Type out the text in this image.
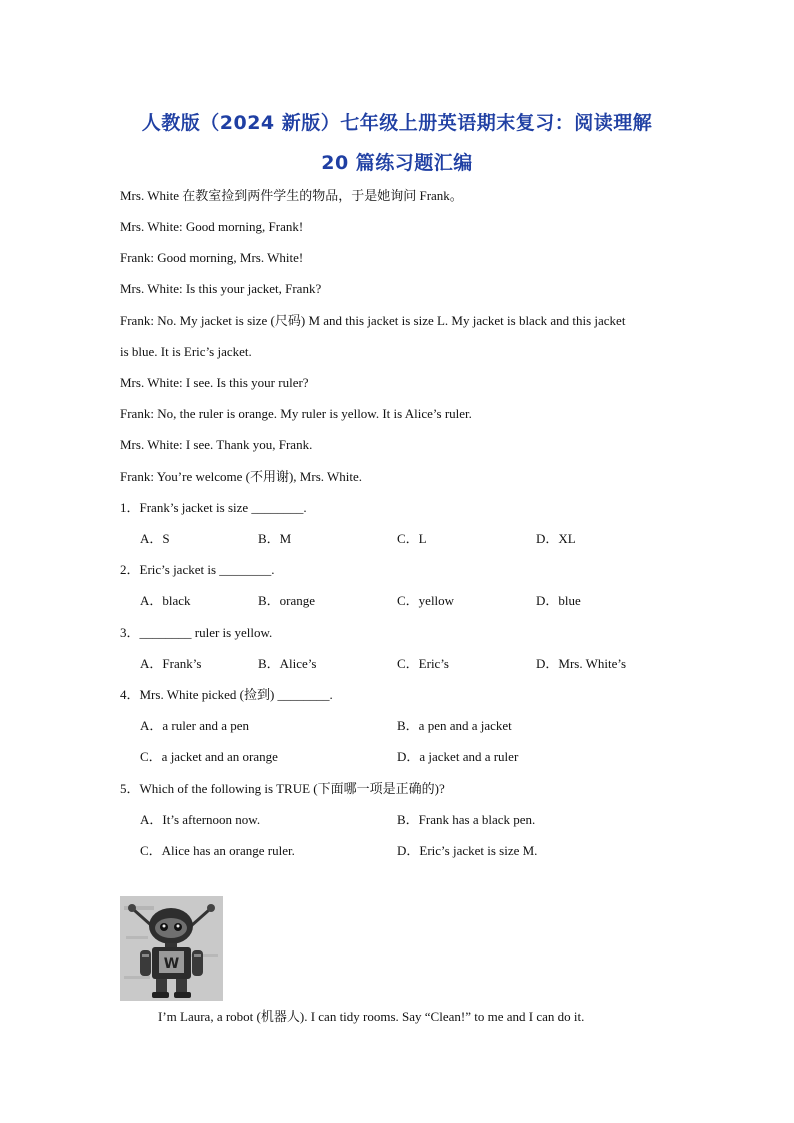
人教版（2024 新版）七年级上册英语期末复习：阅读理解
20 篇练习题汇编
Mrs. White 在教室捡到两件学生的物品，于是她询问 Frank。
Mrs. White: Good morning, Frank!
Frank: Good morning, Mrs. White!
Mrs. White: Is this your jacket, Frank?
Frank: No. My jacket is size (尺码) M and this jacket is size L. My jacket is black and this jacket
is blue. It is Eric’s jacket.
Mrs. White: I see. Is this your ruler?
Frank: No, the ruler is orange. My ruler is yellow. It is Alice’s ruler.
Mrs. White: I see. Thank you, Frank.
Frank: You’re welcome (不用谢), Mrs. White.
1．Frank’s jacket is size ________.
A．S	B．M	C．L	D．XL
2．Eric’s jacket is ________.
A．black	B．orange	C．yellow	D．blue
3．________ ruler is yellow.
A．Frank’s	B．Alice’s	C．Eric’s	D．Mrs. White’s
4．Mrs. White picked (捡到) ________.
A．a ruler and a pen	B．a pen and a jacket
C．a jacket and an orange	D．a jacket and a ruler
5．Which of the following is TRUE (下面哪一项是正确的)?
A．It’s afternoon now.	B．Frank has a black pen.
C．Alice has an orange ruler.	D．Eric’s jacket is size M.
W
I’m Laura, a robot (机器人). I can tidy rooms. Say “Clean!” to me and I can do it.
